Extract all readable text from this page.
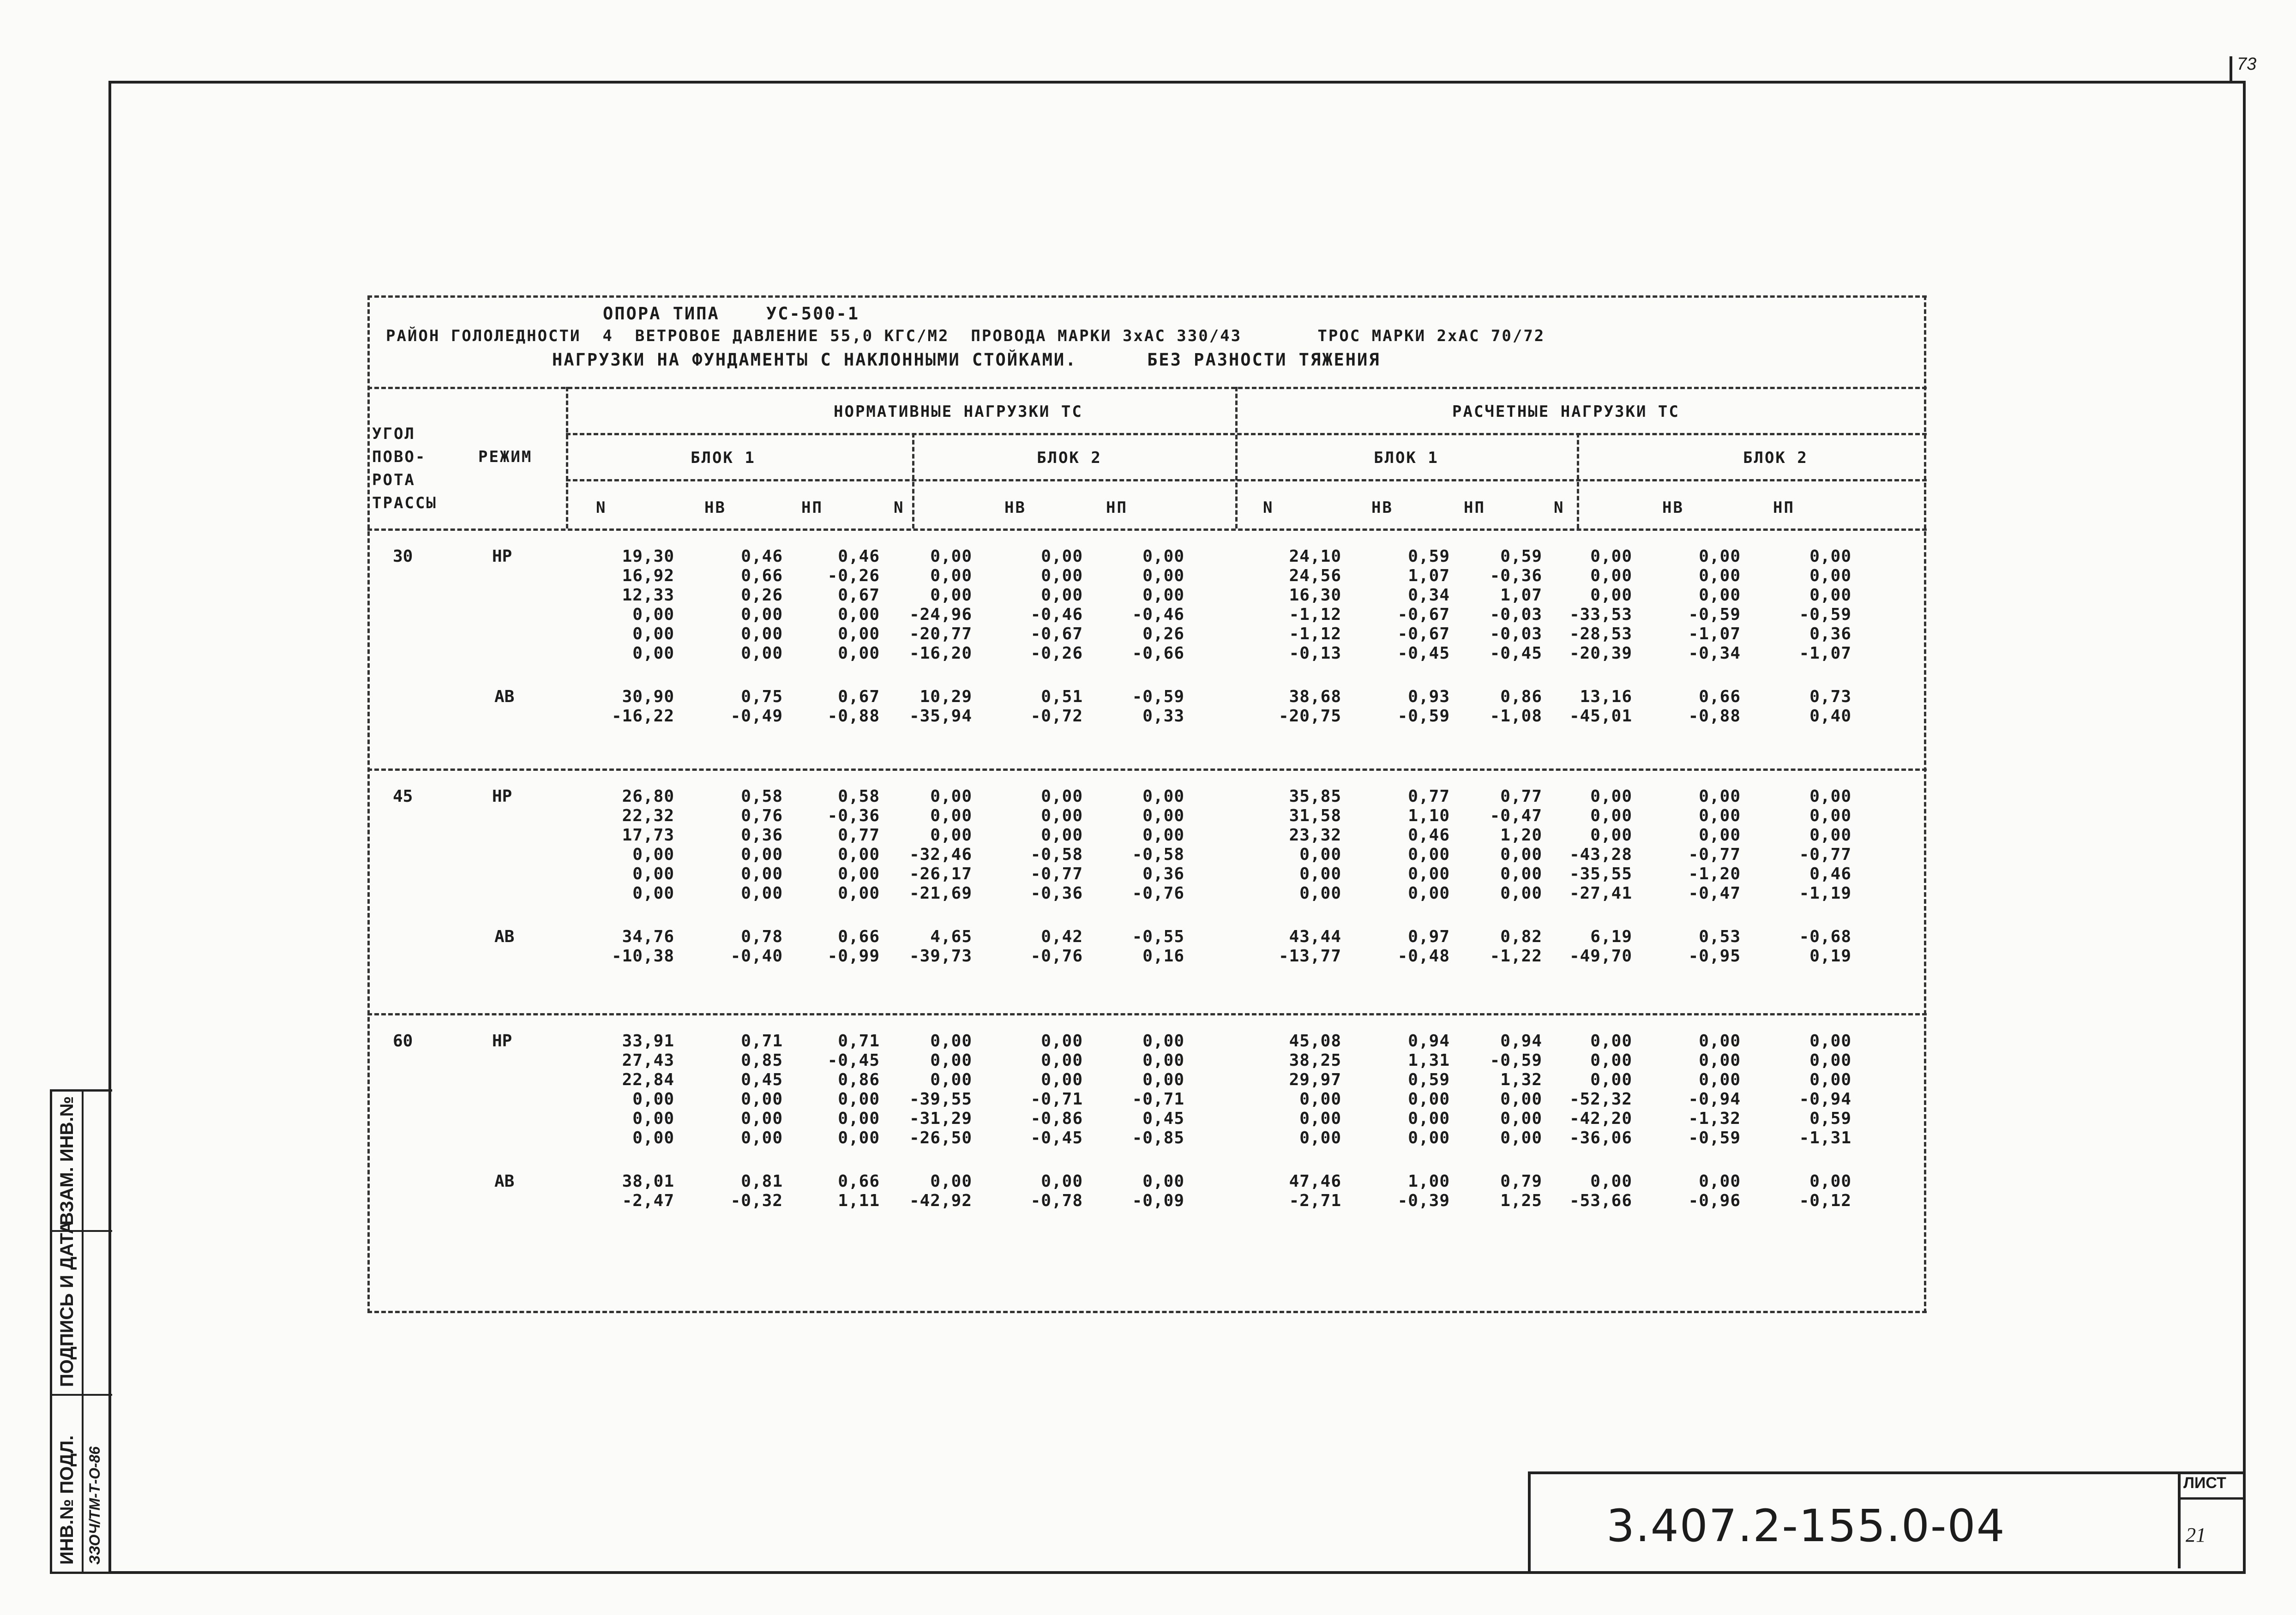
73
ВЗАМ. ИНВ.№
ПОДПИСЬ И ДАТА
ИНВ.№ ПОДЛ. ЗЗОЧ/ТМ-Т-О-86	3.407.2-155.0-04
ЛИСТ
21
ОПОРА ТИПА    УС-500-1
РАЙОН ГОЛОЛЕДНОСТИ  4  ВЕТРОВОЕ ДАВЛЕНИЕ 55,0 КГС/М2  ПРОВОДА МАРКИ 3xАС 330/43       ТРОС МАРКИ 2xАС 70/72
НАГРУЗКИ НА ФУНДАМЕНТЫ С НАКЛОННЫМИ СТОЙКАМИ.      БЕЗ РАЗНОСТИ ТЯЖЕНИЯ
УГОЛ
ПОВО-
РОТА
ТРАССЫ
РЕЖИМ
НОРМАТИВНЫЕ НАГРУЗКИ ТС	РАСЧЕТНЫЕ НАГРУЗКИ ТС
БЛОК 1	БЛОК 2	БЛОК 1	БЛОК 2
N	НВ	НП	N	НВ	НП	N	НВ	НП	N	НВ	НП
30	НР	19,30	0,46	0,46	0,00	0,00	0,00	24,10	0,59	0,59	0,00	0,00	0,00
16,92	0,66	-0,26	0,00	0,00	0,00	24,56	1,07	-0,36	0,00	0,00	0,00
12,33	0,26	0,67	0,00	0,00	0,00	16,30	0,34	1,07	0,00	0,00	0,00
0,00	0,00	0,00	-24,96	-0,46	-0,46	-1,12	-0,67	-0,03	-33,53	-0,59	-0,59
0,00	0,00	0,00	-20,77	-0,67	0,26	-1,12	-0,67	-0,03	-28,53	-1,07	0,36
0,00	0,00	0,00	-16,20	-0,26	-0,66	-0,13	-0,45	-0,45	-20,39	-0,34	-1,07
АВ	30,90	0,75	0,67	10,29	0,51	-0,59	38,68	0,93	0,86	13,16	0,66	0,73
-16,22	-0,49	-0,88	-35,94	-0,72	0,33	-20,75	-0,59	-1,08	-45,01	-0,88	0,40
45	НР	26,80	0,58	0,58	0,00	0,00	0,00	35,85	0,77	0,77	0,00	0,00	0,00
22,32	0,76	-0,36	0,00	0,00	0,00	31,58	1,10	-0,47	0,00	0,00	0,00
17,73	0,36	0,77	0,00	0,00	0,00	23,32	0,46	1,20	0,00	0,00	0,00
0,00	0,00	0,00	-32,46	-0,58	-0,58	0,00	0,00	0,00	-43,28	-0,77	-0,77
0,00	0,00	0,00	-26,17	-0,77	0,36	0,00	0,00	0,00	-35,55	-1,20	0,46
0,00	0,00	0,00	-21,69	-0,36	-0,76	0,00	0,00	0,00	-27,41	-0,47	-1,19
АВ	34,76	0,78	0,66	4,65	0,42	-0,55	43,44	0,97	0,82	6,19	0,53	-0,68
-10,38	-0,40	-0,99	-39,73	-0,76	0,16	-13,77	-0,48	-1,22	-49,70	-0,95	0,19
60	НР	33,91	0,71	0,71	0,00	0,00	0,00	45,08	0,94	0,94	0,00	0,00	0,00
27,43	0,85	-0,45	0,00	0,00	0,00	38,25	1,31	-0,59	0,00	0,00	0,00
22,84	0,45	0,86	0,00	0,00	0,00	29,97	0,59	1,32	0,00	0,00	0,00
0,00	0,00	0,00	-39,55	-0,71	-0,71	0,00	0,00	0,00	-52,32	-0,94	-0,94
0,00	0,00	0,00	-31,29	-0,86	0,45	0,00	0,00	0,00	-42,20	-1,32	0,59
0,00	0,00	0,00	-26,50	-0,45	-0,85	0,00	0,00	0,00	-36,06	-0,59	-1,31
АВ	38,01	0,81	0,66	0,00	0,00	0,00	47,46	1,00	0,79	0,00	0,00	0,00
-2,47	-0,32	1,11	-42,92	-0,78	-0,09	-2,71	-0,39	1,25	-53,66	-0,96	-0,12
